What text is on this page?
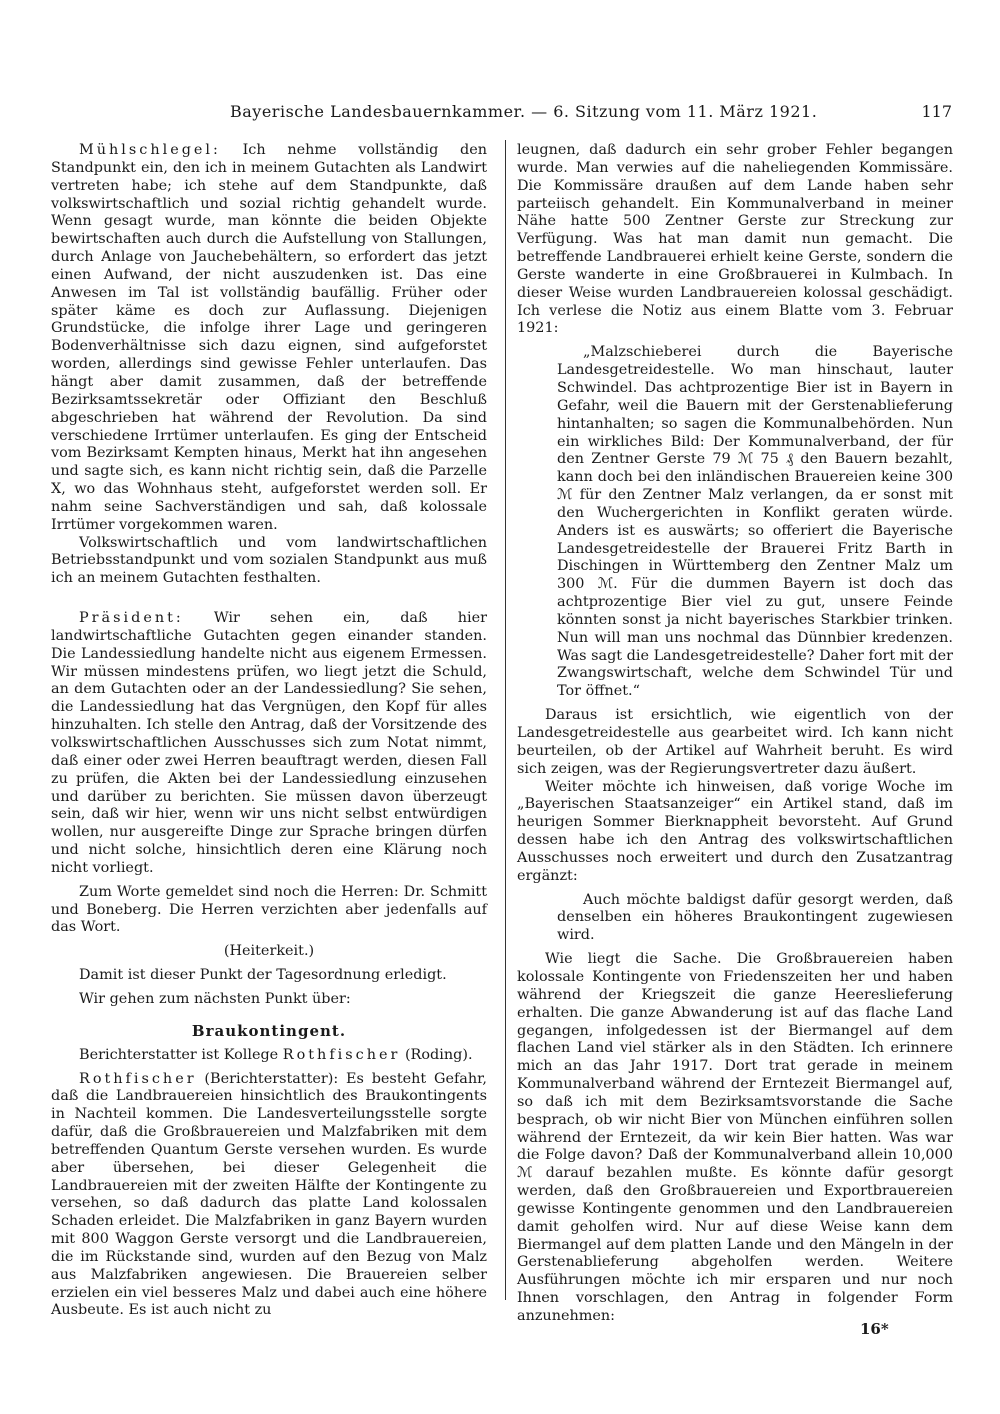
Bayerische Landesbauernkammer. — 6. Sitzung vom 11. März 1921.	117

Mühlschlegel: Ich nehme vollständig den Standpunkt ein, den ich in meinem Gutachten als Landwirt vertreten habe; ich stehe auf dem Standpunkte, daß volkswirtschaftlich und sozial richtig gehandelt wurde. Wenn gesagt wurde, man könnte die beiden Objekte bewirtschaften auch durch die Aufstellung von Stallungen, durch Anlage von Jauchebehältern, so erfordert das jetzt einen Aufwand, der nicht auszudenken ist. Das eine Anwesen im Tal ist vollständig baufällig. Früher oder später käme es doch zur Auflassung. Diejenigen Grundstücke, die infolge ihrer Lage und geringeren Bodenverhältnisse sich dazu eignen, sind aufgeforstet worden, allerdings sind gewisse Fehler unterlaufen. Das hängt aber damit zusammen, daß der betreffende Bezirksamtssekretär oder Offiziant den Beschluß abgeschrieben hat während der Revolution. Da sind verschiedene Irrtümer unterlaufen. Es ging der Entscheid vom Bezirksamt Kempten hinaus, Merkt hat ihn angesehen und sagte sich, es kann nicht richtig sein, daß die Parzelle X, wo das Wohnhaus steht, aufgeforstet werden soll. Er nahm seine Sachverständigen und sah, daß kolossale Irrtümer vorgekommen waren.

Volkswirtschaftlich und vom landwirtschaftlichen Betriebsstandpunkt und vom sozialen Standpunkt aus muß ich an meinem Gutachten festhalten.

Präsident: Wir sehen ein, daß hier landwirtschaftliche Gutachten gegen einander standen. Die Landessiedlung handelte nicht aus eigenem Ermessen. Wir müssen mindestens prüfen, wo liegt jetzt die Schuld, an dem Gutachten oder an der Landessiedlung? Sie sehen, die Landessiedlung hat das Vergnügen, den Kopf für alles hinzuhalten. Ich stelle den Antrag, daß der Vorsitzende des volkswirtschaftlichen Ausschusses sich zum Notat nimmt, daß einer oder zwei Herren beauftragt werden, diesen Fall zu prüfen, die Akten bei der Landessiedlung einzusehen und darüber zu berichten. Sie müssen davon überzeugt sein, daß wir hier, wenn wir uns nicht selbst entwürdigen wollen, nur ausgereifte Dinge zur Sprache bringen dürfen und nicht solche, hinsichtlich deren eine Klärung noch nicht vorliegt.

Zum Worte gemeldet sind noch die Herren: Dr. Schmitt und Boneberg. Die Herren verzichten aber jedenfalls auf das Wort.

(Heiterkeit.)

Damit ist dieser Punkt der Tagesordnung erledigt.

Wir gehen zum nächsten Punkt über:

Braukontingent.

Berichterstatter ist Kollege Rothfischer (Roding).

Rothfischer (Berichterstatter): Es besteht Gefahr, daß die Landbrauereien hinsichtlich des Braukontingents in Nachteil kommen. Die Landesverteilungsstelle sorgte dafür, daß die Großbrauereien und Malzfabriken mit dem betreffenden Quantum Gerste versehen wurden. Es wurde aber übersehen, bei dieser Gelegenheit die Landbrauereien mit der zweiten Hälfte der Kontingente zu versehen, so daß dadurch das platte Land kolossalen Schaden erleidet. Die Malzfabriken in ganz Bayern wurden mit 800 Waggon Gerste versorgt und die Landbrauereien, die im Rückstande sind, wurden auf den Bezug von Malz aus Malzfabriken angewiesen. Die Brauereien selber erzielen ein viel besseres Malz und dabei auch eine höhere Ausbeute. Es ist auch nicht zu

leugnen, daß dadurch ein sehr grober Fehler begangen wurde. Man verwies auf die naheliegenden Kommissäre. Die Kommissäre draußen auf dem Lande haben sehr parteiisch gehandelt. Ein Kommunalverband in meiner Nähe hatte 500 Zentner Gerste zur Streckung zur Verfügung. Was hat man damit nun gemacht. Die betreffende Landbrauerei erhielt keine Gerste, sondern die Gerste wanderte in eine Großbrauerei in Kulmbach. In dieser Weise wurden Landbrauereien kolossal geschädigt. Ich verlese die Notiz aus einem Blatte vom 3. Februar 1921:

„Malzschieberei durch die Bayerische Landesgetreidestelle. Wo man hinschaut, lauter Schwindel. Das achtprozentige Bier ist in Bayern in Gefahr, weil die Bauern mit der Gerstenablieferung hintanhalten; so sagen die Kommunalbehörden. Nun ein wirkliches Bild: Der Kommunalverband, der für den Zentner Gerste 79 ℳ 75 ₰ den Bauern bezahlt, kann doch bei den inländischen Brauereien keine 300 ℳ für den Zentner Malz verlangen, da er sonst mit den Wuchergerichten in Konflikt geraten würde. Anders ist es auswärts; so offeriert die Bayerische Landesgetreidestelle der Brauerei Fritz Barth in Dischingen in Württemberg den Zentner Malz um 300 ℳ. Für die dummen Bayern ist doch das achtprozentige Bier viel zu gut, unsere Feinde könnten sonst ja nicht bayerisches Starkbier trinken. Nun will man uns nochmal das Dünnbier kredenzen. Was sagt die Landesgetreidestelle? Daher fort mit der Zwangswirtschaft, welche dem Schwindel Tür und Tor öffnet.“

Daraus ist ersichtlich, wie eigentlich von der Landesgetreidestelle aus gearbeitet wird. Ich kann nicht beurteilen, ob der Artikel auf Wahrheit beruht. Es wird sich zeigen, was der Regierungsvertreter dazu äußert.

Weiter möchte ich hinweisen, daß vorige Woche im „Bayerischen Staatsanzeiger“ ein Artikel stand, daß im heurigen Sommer Bierknappheit bevorsteht. Auf Grund dessen habe ich den Antrag des volkswirtschaftlichen Ausschusses noch erweitert und durch den Zusatzantrag ergänzt:

Auch möchte baldigst dafür gesorgt werden, daß denselben ein höheres Braukontingent zugewiesen wird.

Wie liegt die Sache. Die Großbrauereien haben kolossale Kontingente von Friedenszeiten her und haben während der Kriegszeit die ganze Heereslieferung erhalten. Die ganze Abwanderung ist auf das flache Land gegangen, infolgedessen ist der Biermangel auf dem flachen Land viel stärker als in den Städten. Ich erinnere mich an das Jahr 1917. Dort trat gerade in meinem Kommunalverband während der Erntezeit Biermangel auf, so daß ich mit dem Bezirksamtsvorstande die Sache besprach, ob wir nicht Bier von München einführen sollen während der Erntezeit, da wir kein Bier hatten. Was war die Folge davon? Daß der Kommunalverband allein 10,000 ℳ darauf bezahlen mußte. Es könnte dafür gesorgt werden, daß den Großbrauereien und Exportbrauereien gewisse Kontingente genommen und den Landbrauereien damit geholfen wird. Nur auf diese Weise kann dem Biermangel auf dem platten Lande und den Mängeln in der Gerstenablieferung abgeholfen werden. Weitere Ausführungen möchte ich mir ersparen und nur noch Ihnen vorschlagen, den Antrag in folgender Form anzunehmen:

16*
